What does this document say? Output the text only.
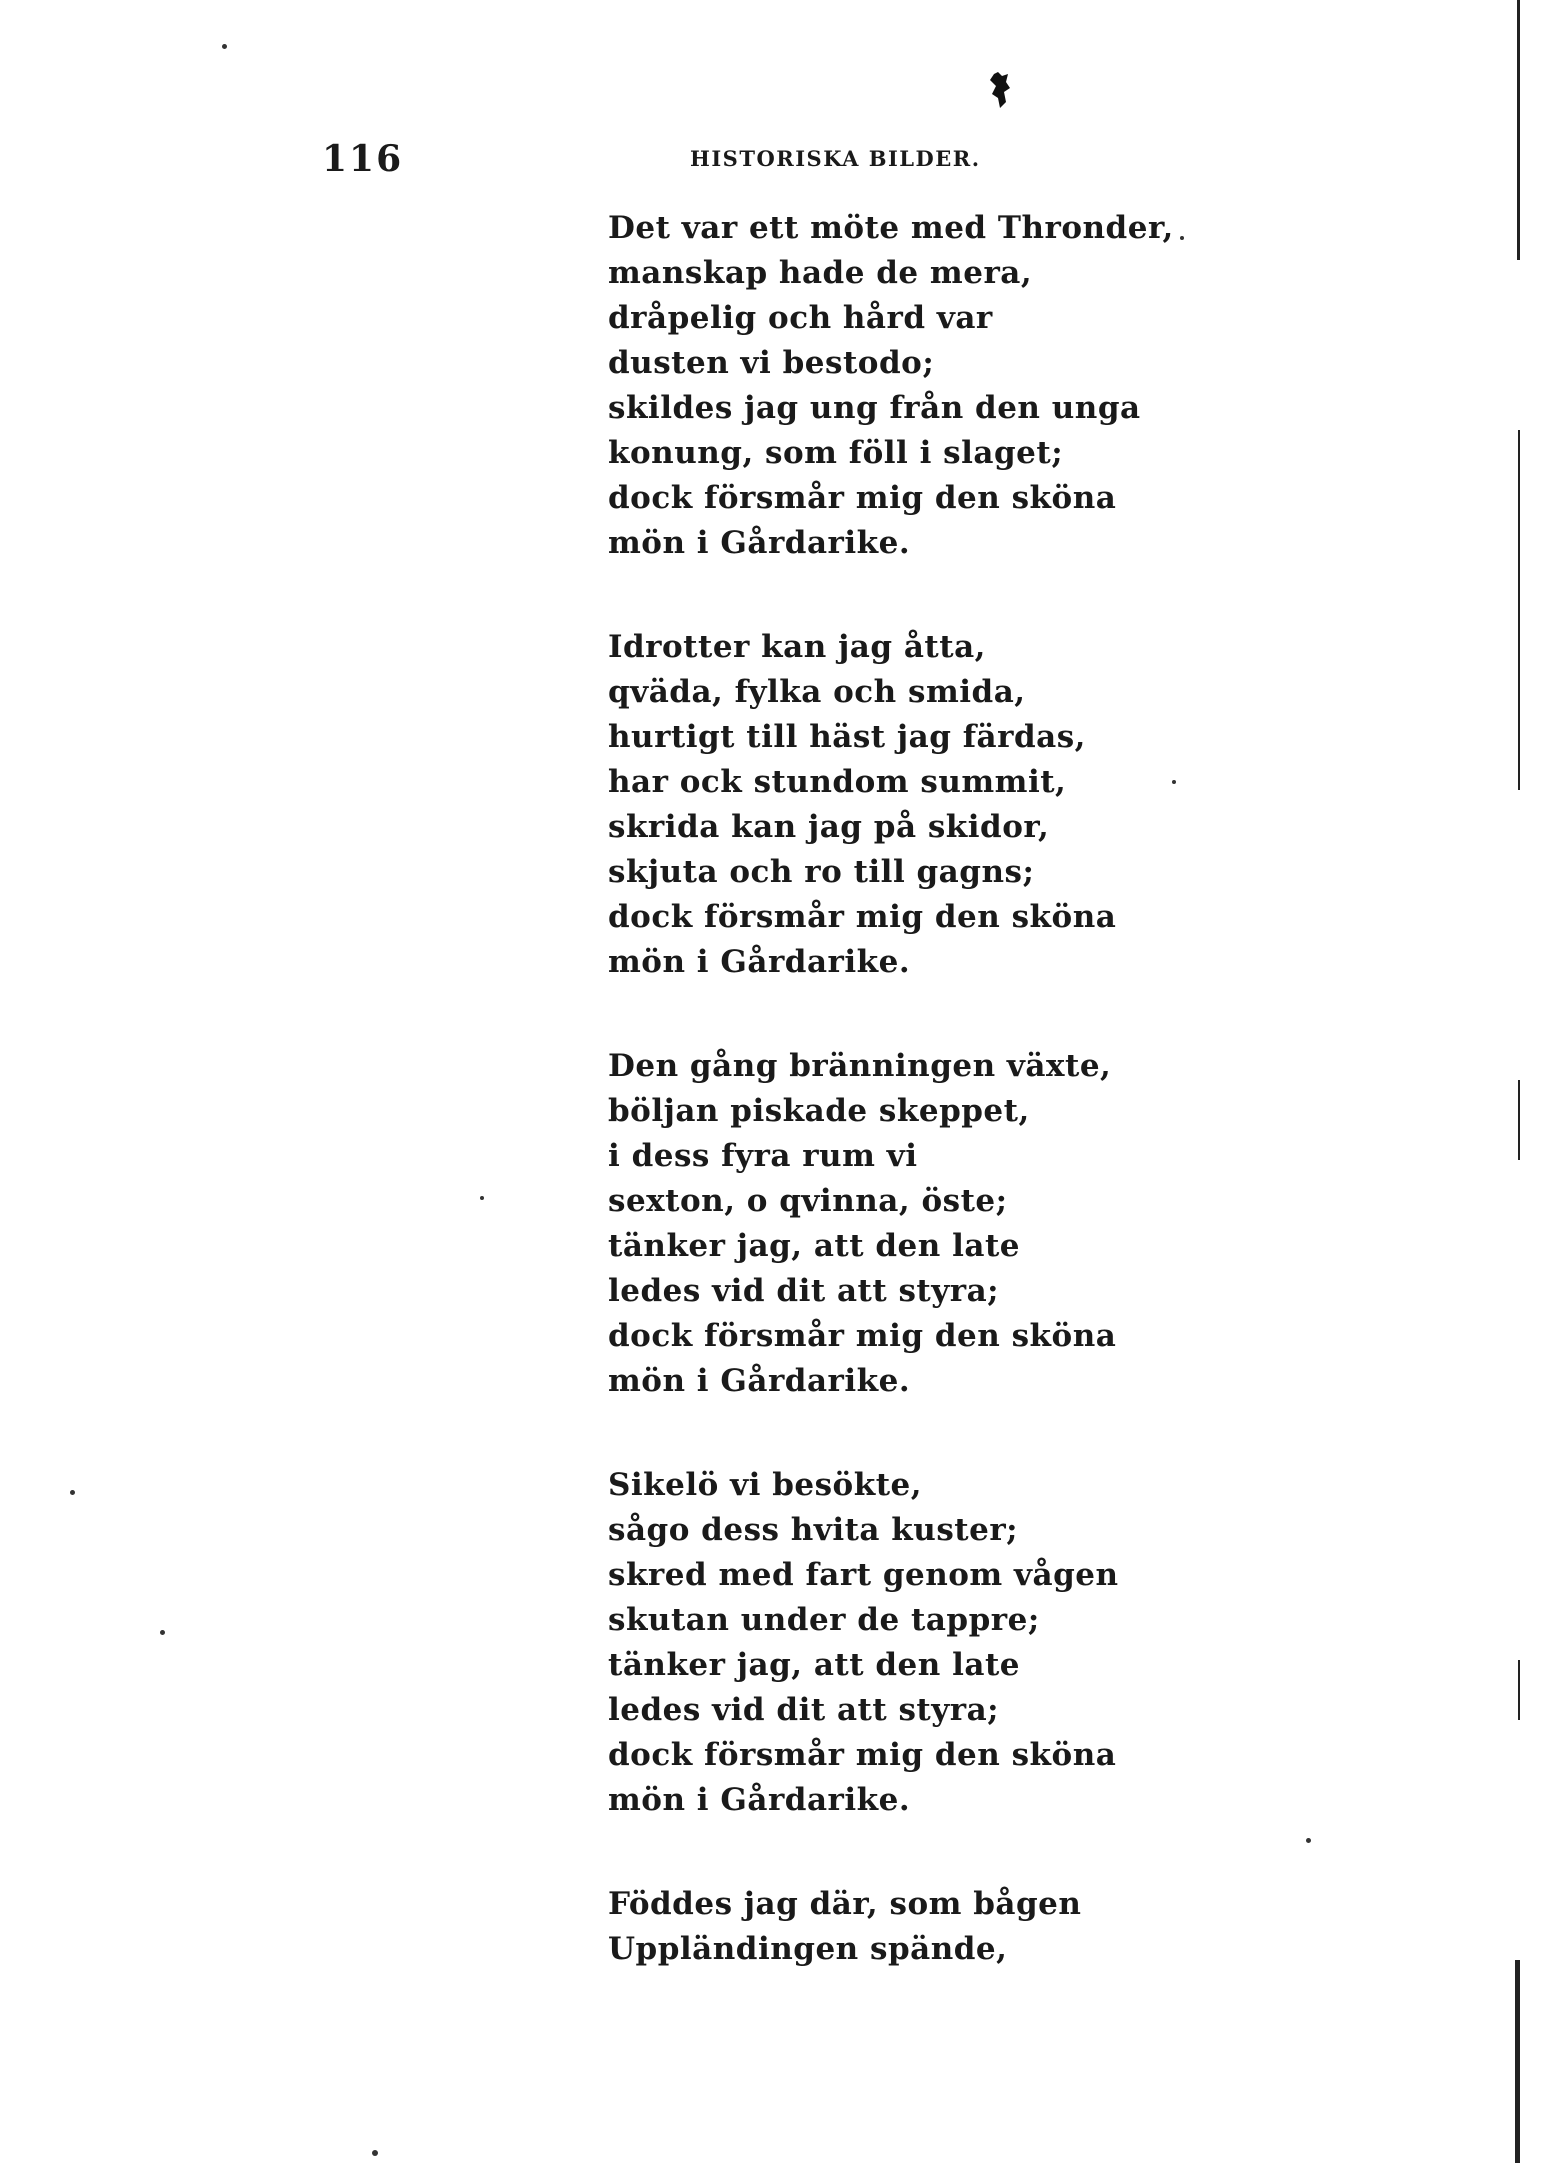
116	HISTORISKA BILDER.
Det var ett möte med Thronder,
manskap hade de mera,
dråpelig och hård var
dusten vi bestodo;
skildes jag ung från den unga
konung, som föll i slaget;
dock försmår mig den sköna
mön i Gårdarike.
Idrotter kan jag åtta,
qväda, fylka och smida,
hurtigt till häst jag färdas,
har ock stundom summit,
skrida kan jag på skidor,
skjuta och ro till gagns;
dock försmår mig den sköna
mön i Gårdarike.
Den gång bränningen växte,
böljan piskade skeppet,
i dess fyra rum vi
sexton, o qvinna, öste;
tänker jag, att den late
ledes vid dit att styra;
dock försmår mig den sköna
mön i Gårdarike.
Sikelö vi besökte,
sågo dess hvita kuster;
skred med fart genom vågen
skutan under de tappre;
tänker jag, att den late
ledes vid dit att styra;
dock försmår mig den sköna
mön i Gårdarike.
Föddes jag där, som bågen
Uppländingen spände,
